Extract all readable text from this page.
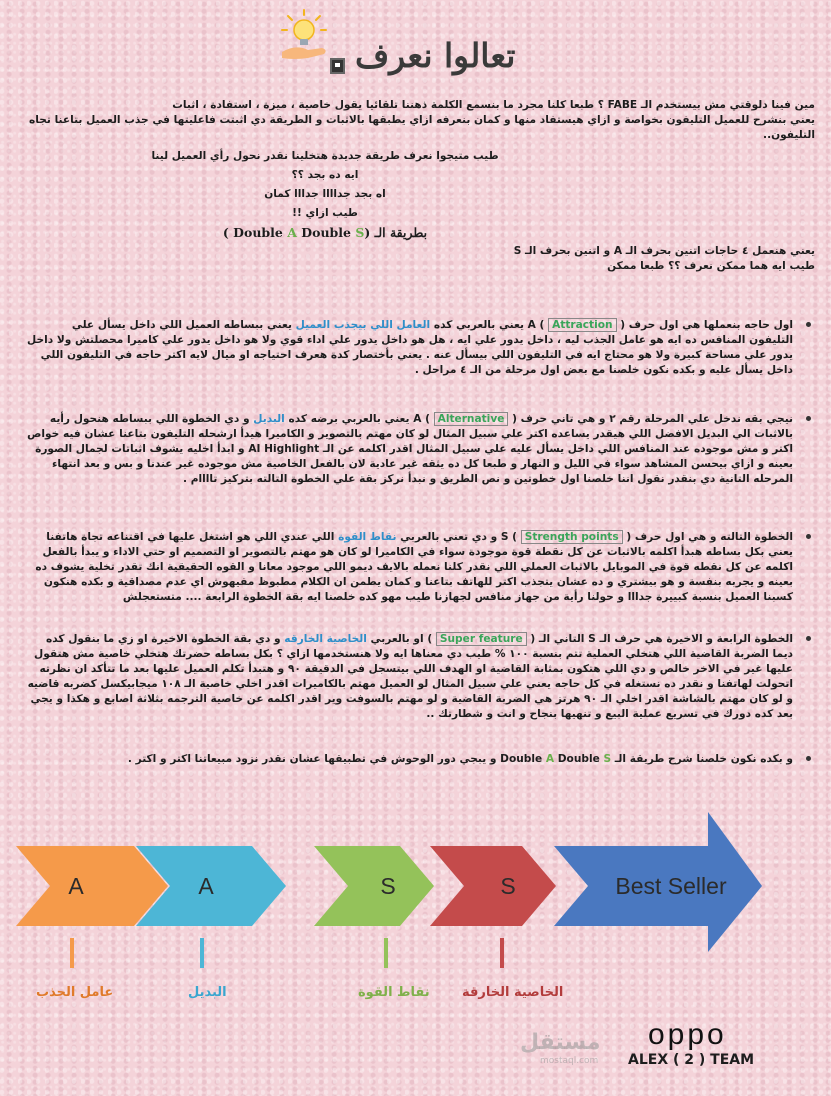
تعالوا نعرف

مين فينا دلوقتي مش بيستخدم الـ FABE ؟ طبعا كلنا مجرد ما بنسمع الكلمة ذهننا تلقائيا يقول خاصية ، ميزة ، استفادة ، اثبات

يعني بنشرح للعميل التليفون بخواصة و ازاي هيستفاد منها و كمان بنعرفه ازاي يطبقها بالاثبات و الطريقة دي اثبتت فاعليتها في جذب العميل بتاعنا تجاه التليفون..

طيب متيجوا نعرف طريقة جديدة هتخلينا نقدر نحول رأي العميل لينا

ايه ده بجد ؟؟

اه بجد جداااا جدااا كمان

طيب ازاي !!

بطريقة الـ (Double A Double S )

يعني هنعمل ٤ حاجات اتنين بحرف الـ A و اتنين بحرف الـ S

طيب ايه هما ممكن نعرف ؟؟ طبعا ممكن

اول حاجه بنعملها هي اول حرف A ( Attraction ) يعني بالعربي كده العامل اللي بيجذب العميل يعني ببساطه العميل اللي داخل يسأل علي التليفون المنافس ده ايه هو عامل الجذب ليه ، داخل يدور علي ايه ، هل هو داخل يدور علي اداء قوي ولا هو داخل يدور علي كاميرا محصلتش ولا داخل يدور علي مساحة كبيرة ولا هو محتاج ايه في التليفون اللي بيسأل عنه . يعني بأختصار كدة هعرف احتياجه او ميال لايه اكتر حاجه في التليفون اللي داخل يسأل عليه و بكده نكون خلصنا مع بعض اول مرحلة من الـ ٤ مراحل .
نيجي بقه ندخل علي المرحلة رقم ٢ و هي تاني حرف A ( Alternative ) يعني بالعربي برضه كده البديل و دي الخطوة اللي ببساطه هنحول رأيه بالاثبات الي البديل الافضل اللي هيقدر يساعده اكتر علي سبيل المثال لو كان مهتم بالتصوير و الكاميرا هيدأ ارشحله التليفون بتاعنا عشان فيه خواص اكتر و مش موجوده عند المنافس اللي داخل يسأل عليه علي سبيل المثال اقدر اكلمه عن الـ AI Highlight و ابدأ اخليه يشوف اثباتات لجمال الصورة بعينه و ازاي بيحسن المشاهد سواء في الليل و النهار و طبعا كل ده يثقه غير عادية لان بالفعل الخاصية مش موجوده غير عندنا و بس و بعد انتهاء المرحله التانية دي بنقدر نقول اننا خلصنا اول خطوتين و نص الطريق و نبدأ نركز بقة علي الخطوة التالته بتركيز تاااام .
الخطوة التالته و هي اول حرف S ( Strength points ) و دي تعني بالعربي نقاط القوة اللي عندي اللي هو اشتغل عليها في اقتناعه تجاة هاتفنا يعني بكل بساطه هبدأ اكلمه بالاثبات عن كل نقطة قوة موجودة سواء في الكاميرا لو كان هو مهتم بالتصوير او التصميم او حتي الاداء و يبدأ بالفعل اكلمه عن كل نقطه قوة في الموبايل بالاثبات العملي اللي نقدر كلنا نعمله بالايف ديمو اللي موجود معانا و القوه الحقيقية انك تقدر تخلية يشوف ده بعينه و يجربه بنفسة و هو بيشتري و ده عشان يتجذب اكتر للهاتف بتاعنا و كمان يطمن ان الكلام مطبوظ مفيهوش اي عدم مصداقية و بكده هنكون كسبنا العميل بنسبة كبييرة جدااا و حولنا رأية من جهاز منافس لجهازنا طيب مهو كده خلصنا ايه بقة الخطوة الرابعة .... متستعجلش
الخطوة الرابعة و الاخيرة هي حرف الـ S التاني الـ ( Super feature ) او بالعربي الخاصية الخارقه و دي بقة الخطوة الاخيرة او زي ما بنقول كده ديما الضربة القاضية اللي هتخلي العملية تتم بنسبة ١٠٠ % طيب دي معناها ايه ولا هنستخدمها ازاي ؟ بكل بساطه حضرتك هتخلي خاصية مش هتقول عليها غير في الاخر خالص و دي اللي هتكون بمثابة القاضية او الهدف اللي بيتسجل في الدقيقة ٩٠ و هتبدأ تكلم العميل عليها بعد ما تتأكد ان نظرته اتحولت لهاتفنا و نقدر ده نستغله في كل حاجه يعني علي سبيل المثال لو العميل مهتم بالكاميرات اقدر اخلي خاصية الـ ١٠٨ ميجابيكسل كضربه قاضيه و لو كان مهتم بالشاشة اقدر اخلي الـ ٩٠ هرتز هي الضربة القاضية و لو مهتم بالسوفت وير اقدر اكلمه عن خاصية الترجمه بثلاثة اصابع و هكذا و يجي بعد كده دورك في تسريع عملية البيع و تنهيها بنجاح و انت و شطارتك ..
و بكده نكون خلصنا شرح طريقة الـ Double A Double S و يبجي دور الوحوش في تطبيقها عشان نقدر نزود مبيعاتنا اكتر و اكتر .
A	A	S	S	Best Seller
عامل الجذب	البديل	نقاط القوة الخاصية الخارقة
مستقل
mostaql.com
oppo
ALEX ( 2 ) TEAM
